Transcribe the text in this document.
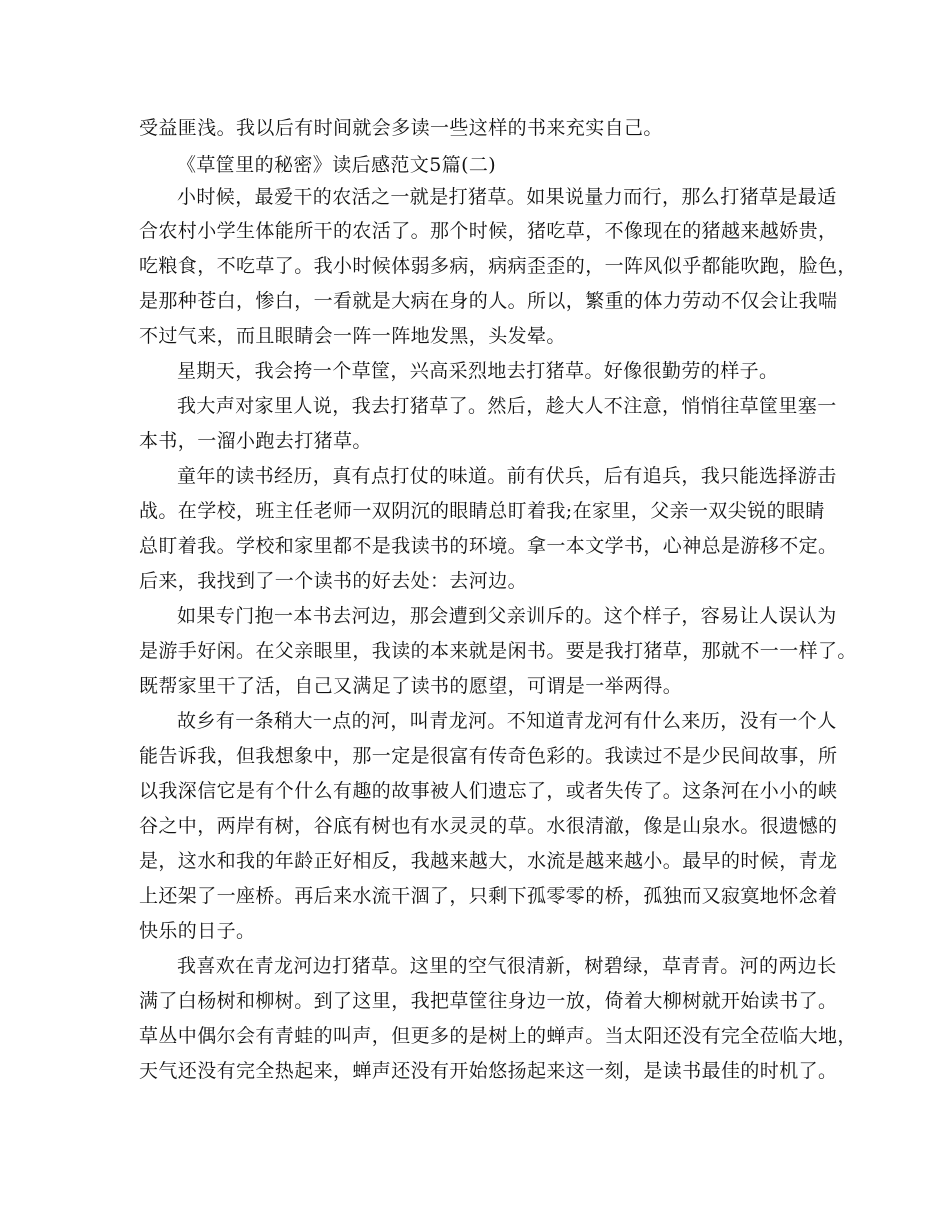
受益匪浅。我以后有时间就会多读一些这样的书来充实自己。
《草筐里的秘密》读后感范文5篇(二)
小时候，最爱干的农活之一就是打猪草。如果说量力而行，那么打猪草是最适
合农村小学生体能所干的农活了。那个时候，猪吃草，不像现在的猪越来越娇贵，
吃粮食，不吃草了。我小时候体弱多病，病病歪歪的，一阵风似乎都能吹跑，脸色，
是那种苍白，惨白，一看就是大病在身的人。所以，繁重的体力劳动不仅会让我喘
不过气来，而且眼睛会一阵一阵地发黑，头发晕。
星期天，我会挎一个草筐，兴高采烈地去打猪草。好像很勤劳的样子。
我大声对家里人说，我去打猪草了。然后，趁大人不注意，悄悄往草筐里塞一
本书，一溜小跑去打猪草。
童年的读书经历，真有点打仗的味道。前有伏兵，后有追兵，我只能选择游击
战。在学校，班主任老师一双阴沉的眼睛总盯着我;在家里，父亲一双尖锐的眼睛
总盯着我。学校和家里都不是我读书的环境。拿一本文学书，心神总是游移不定。
后来，我找到了一个读书的好去处：去河边。
如果专门抱一本书去河边，那会遭到父亲训斥的。这个样子，容易让人误认为
是游手好闲。在父亲眼里，我读的本来就是闲书。要是我打猪草，那就不一一样了。
既帮家里干了活，自己又满足了读书的愿望，可谓是一举两得。
故乡有一条稍大一点的河，叫青龙河。不知道青龙河有什么来历，没有一个人
能告诉我，但我想象中，那一定是很富有传奇色彩的。我读过不是少民间故事，所
以我深信它是有个什么有趣的故事被人们遗忘了，或者失传了。这条河在小小的峡
谷之中，两岸有树，谷底有树也有水灵灵的草。水很清澈，像是山泉水。很遗憾的
是，这水和我的年龄正好相反，我越来越大，水流是越来越小。最早的时候，青龙
上还架了一座桥。再后来水流干涸了，只剩下孤零零的桥，孤独而又寂寞地怀念着
快乐的日子。
我喜欢在青龙河边打猪草。这里的空气很清新，树碧绿，草青青。河的两边长
满了白杨树和柳树。到了这里，我把草筐往身边一放，倚着大柳树就开始读书了。
草丛中偶尔会有青蛙的叫声，但更多的是树上的蝉声。当太阳还没有完全莅临大地，
天气还没有完全热起来，蝉声还没有开始悠扬起来这一刻，是读书最佳的时机了。
